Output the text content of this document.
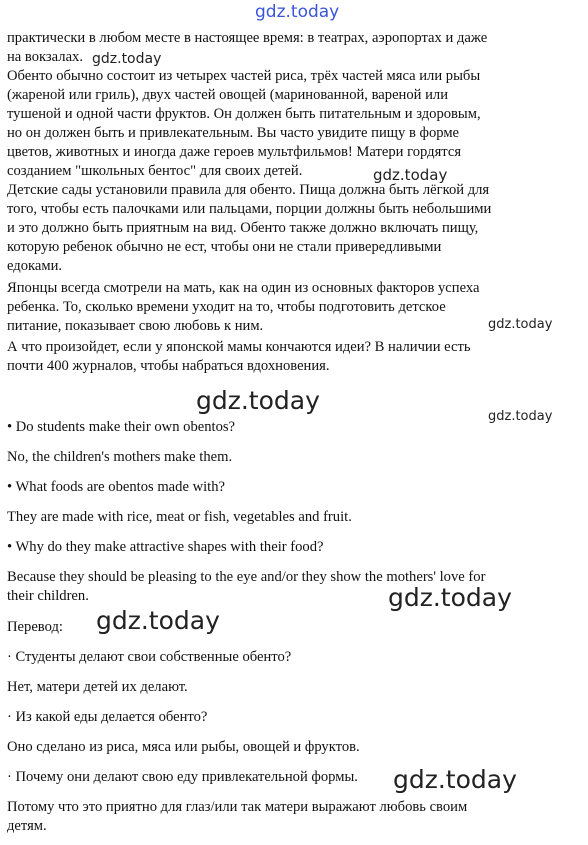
gdz.today
gdz.today
gdz.today
gdz.today
gdz.today
gdz.today
gdz.today
gdz.today
gdz.today
практически в любом месте в настоящее время: в театрах, аэропортах и даже
на вокзалах.
Обенто обычно состоит из четырех частей риса, трёх частей мяса или рыбы
(жареной или гриль), двух частей овощей (маринованной, вареной или
тушеной и одной части фруктов. Он должен быть питательным и здоровым,
но он должен быть и привлекательным. Вы часто увидите пищу в форме
цветов, животных и иногда даже героев мультфильмов! Матери гордятся
созданием "школьных бентос" для своих детей.
Детские сады установили правила для обенто. Пища должна быть лёгкой для
того, чтобы есть палочками или пальцами, порции должны быть небольшими
и это должно быть приятным на вид. Обенто также должно включать пищу,
которую ребенок обычно не ест, чтобы они не стали привередливыми
едоками.
Японцы всегда смотрели на мать, как на один из основных факторов успеха
ребенка. То, сколько времени уходит на то, чтобы подготовить детское
питание, показывает свою любовь к ним.
А что произойдет, если у японской мамы кончаются идеи? В наличии есть
почти 400 журналов, чтобы набраться вдохновения.
• Do students make their own obentos?
No, the children's mothers make them.
• What foods are obentos made with?
They are made with rice, meat or fish, vegetables and fruit.
• Why do they make attractive shapes with their food?
Because they should be pleasing to the eye and/or they show the mothers' love for
their children.
Перевод:
· Студенты делают свои собственные обенто?
Нет, матери детей их делают.
· Из какой еды делается обенто?
Оно сделано из риса, мяса или рыбы, овощей и фруктов.
· Почему они делают свою еду привлекательной формы.
Потому что это приятно для глаз/или так матери выражают любовь своим
детям.
